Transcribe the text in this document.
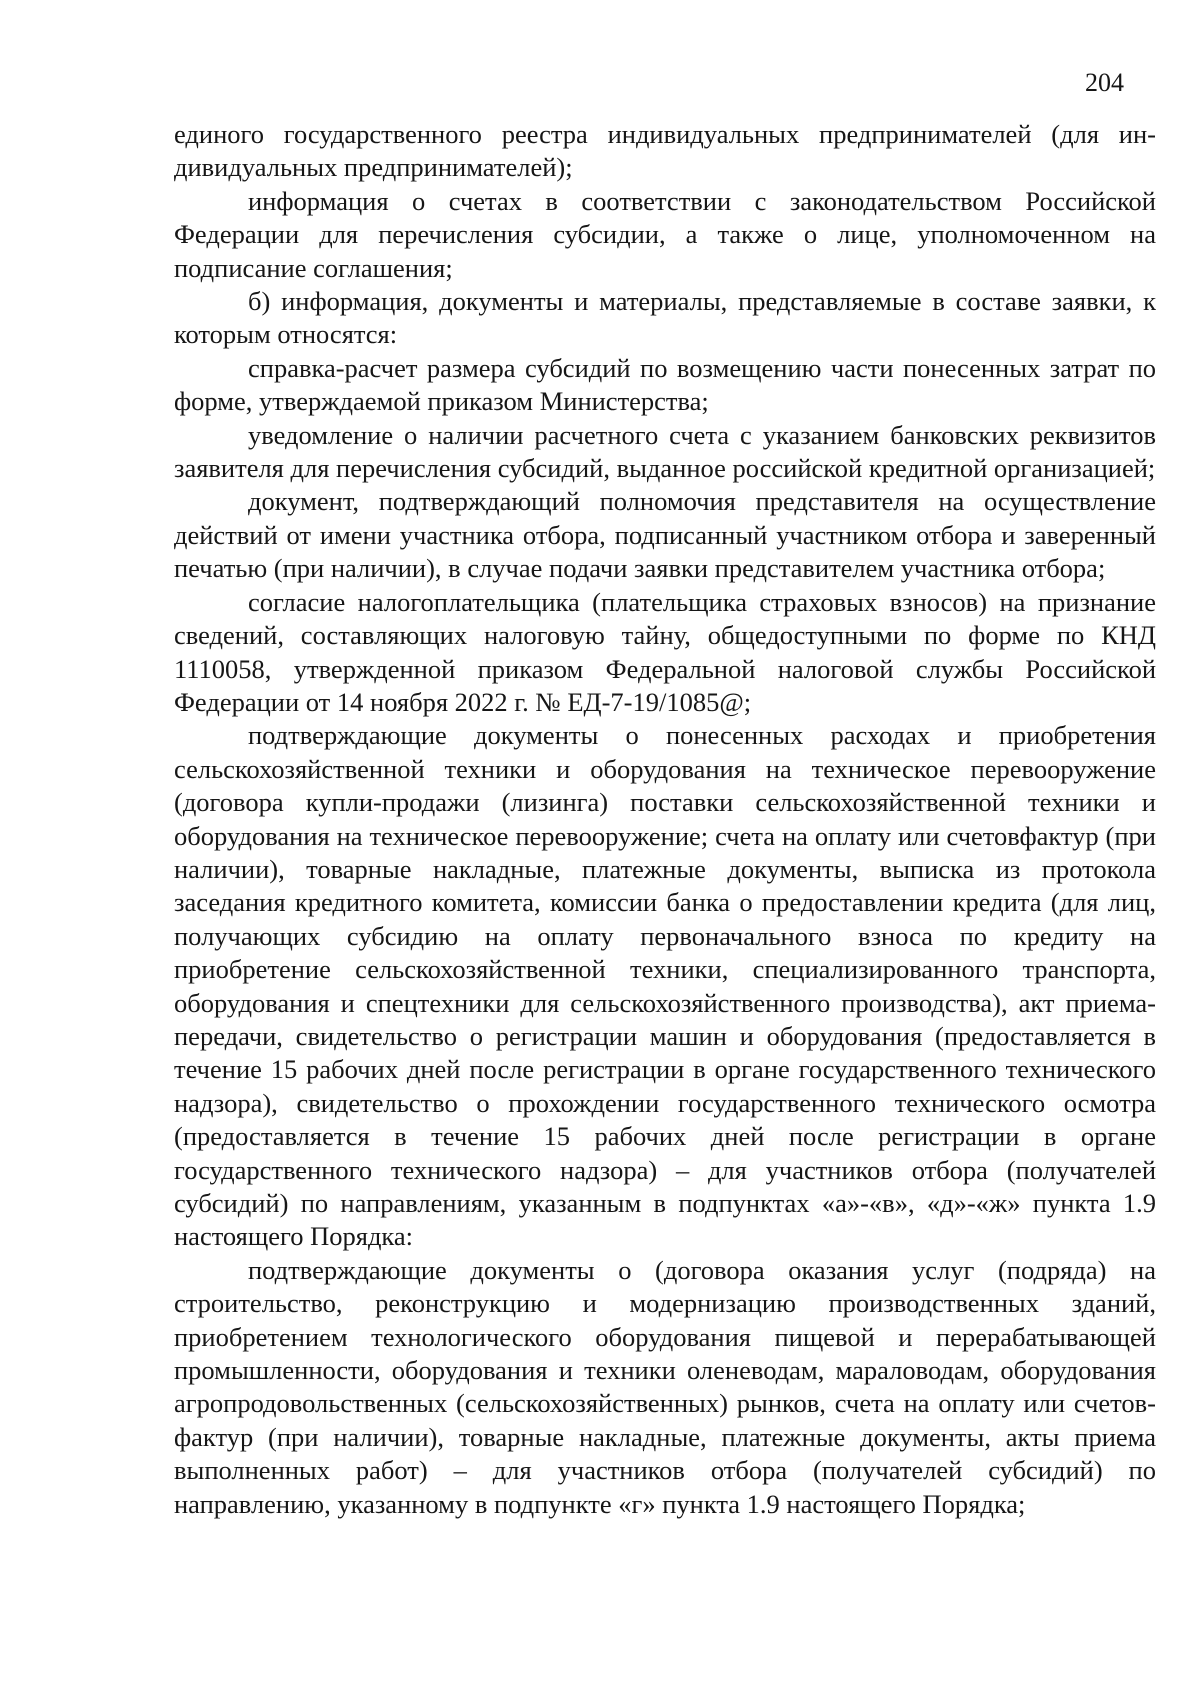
204

единого государственного реестра индивидуальных предпринимателей (для индивидуальных предпринимателей);

информация о счетах в соответствии с законодательством Российской Федерации для перечисления субсидии, а также о лице, уполномоченном на подписание соглашения;

б) информация, документы и материалы, представляемые в составе заявки, к которым относятся:

справка-расчет размера субсидий по возмещению части понесенных затрат по форме, утверждаемой приказом Министерства;

уведомление о наличии расчетного счета с указанием банковских реквизитов заявителя для перечисления субсидий, выданное российской кредитной организацией;

документ, подтверждающий полномочия представителя на осуществление действий от имени участника отбора, подписанный участником отбора и заверенный печатью (при наличии), в случае подачи заявки представителем участника отбора;

согласие налогоплательщика (плательщика страховых взносов) на признание сведений, составляющих налоговую тайну, общедоступными по форме по КНД 1110058, утвержденной приказом Федеральной налоговой службы Российской Федерации от 14 ноября 2022 г. № ЕД-7-19/1085@;

подтверждающие документы о понесенных расходах и приобретения сельскохозяйственной техники и оборудования на техническое перевооружение (договора купли-продажи (лизинга) поставки сельскохозяйственной техники и оборудования на техническое перевооружение; счета на оплату или счетовфактур (при наличии), товарные накладные, платежные документы, выписка из протокола заседания кредитного комитета, комиссии банка о предоставлении кредита (для лиц, получающих субсидию на оплату первоначального взноса по кредиту на приобретение сельскохозяйственной техники, специализированного транспорта, оборудования и спецтехники для сельскохозяйственного производства), акт приема-передачи, свидетельство о регистрации машин и оборудования (предоставляется в течение 15 рабочих дней после регистрации в органе государственного технического надзора), свидетельство о прохождении государственного технического осмотра (предоставляется в течение 15 рабочих дней после регистрации в органе государственного технического надзора) – для участников отбора (получателей субсидий) по направлениям, указанным в подпунктах «а»-«в», «д»-«ж» пункта 1.9 настоящего Порядка:

подтверждающие документы о (договора оказания услуг (подряда) на строительство, реконструкцию и модернизацию производственных зданий, приобретением технологического оборудования пищевой и перерабатывающей промышленности, оборудования и техники оленеводам, мараловодам, оборудования агропродовольственных (сельскохозяйственных) рынков, счета на оплату или счетов-фактур (при наличии), товарные накладные, платежные документы, акты приема выполненных работ) – для участников отбора (получателей субсидий) по направлению, указанному в подпункте «г» пункта 1.9 настоящего Порядка;
